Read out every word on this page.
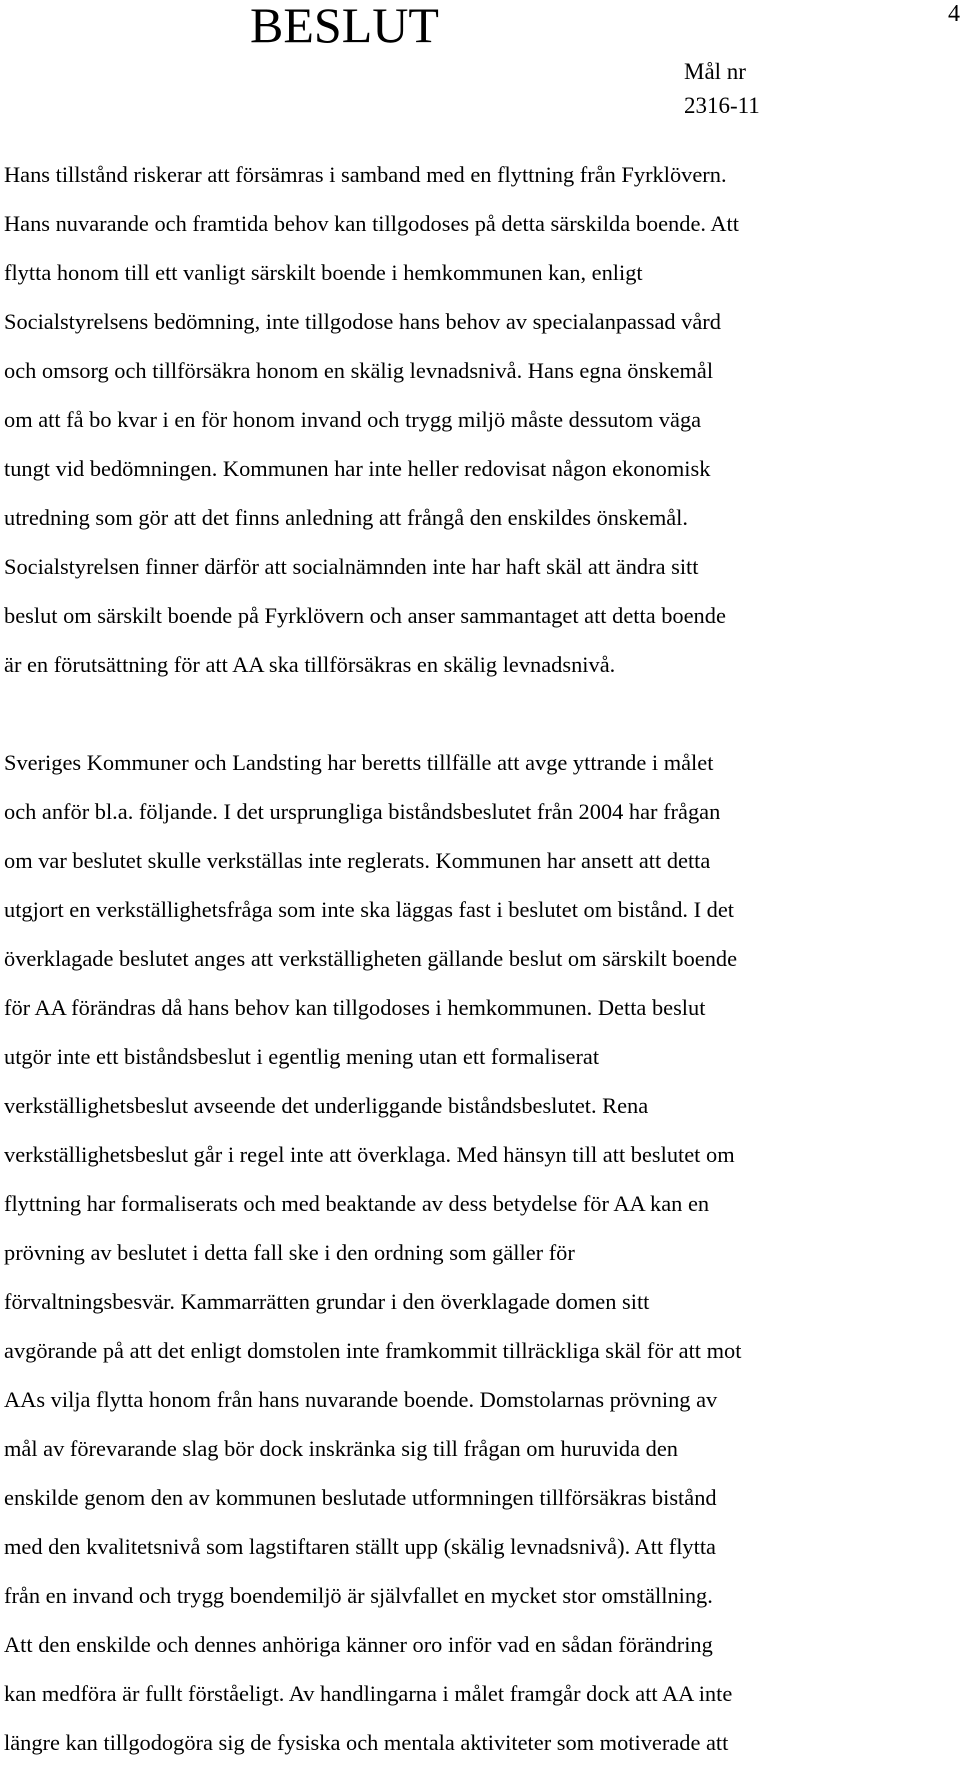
BESLUT	4
Mål nr
2316-11
Hans tillstånd riskerar att försämras i samband med en flyttning från Fyrklövern.
Hans nuvarande och framtida behov kan tillgodoses på detta särskilda boende. Att
flytta honom till ett vanligt särskilt boende i hemkommunen kan, enligt
Socialstyrelsens bedömning, inte tillgodose hans behov av specialanpassad vård
och omsorg och tillförsäkra honom en skälig levnadsnivå. Hans egna önskemål
om att få bo kvar i en för honom invand och trygg miljö måste dessutom väga
tungt vid bedömningen. Kommunen har inte heller redovisat någon ekonomisk
utredning som gör att det finns anledning att frångå den enskildes önskemål.
Socialstyrelsen finner därför att socialnämnden inte har haft skäl att ändra sitt
beslut om särskilt boende på Fyrklövern och anser sammantaget att detta boende
är en förutsättning för att AA ska tillförsäkras en skälig levnadsnivå.
Sveriges Kommuner och Landsting har beretts tillfälle att avge yttrande i målet
och anför bl.a. följande. I det ursprungliga biståndsbeslutet från 2004 har frågan
om var beslutet skulle verkställas inte reglerats. Kommunen har ansett att detta
utgjort en verkställighetsfråga som inte ska läggas fast i beslutet om bistånd. I det
överklagade beslutet anges att verkställigheten gällande beslut om särskilt boende
för AA förändras då hans behov kan tillgodoses i hemkommunen. Detta beslut
utgör inte ett biståndsbeslut i egentlig mening utan ett formaliserat
verkställighetsbeslut avseende det underliggande biståndsbeslutet. Rena
verkställighetsbeslut går i regel inte att överklaga. Med hänsyn till att beslutet om
flyttning har formaliserats och med beaktande av dess betydelse för AA kan en
prövning av beslutet i detta fall ske i den ordning som gäller för
förvaltningsbesvär. Kammarrätten grundar i den överklagade domen sitt
avgörande på att det enligt domstolen inte framkommit tillräckliga skäl för att mot
AAs vilja flytta honom från hans nuvarande boende. Domstolarnas prövning av
mål av förevarande slag bör dock inskränka sig till frågan om huruvida den
enskilde genom den av kommunen beslutade utformningen tillförsäkras bistånd
med den kvalitetsnivå som lagstiftaren ställt upp (skälig levnadsnivå). Att flytta
från en invand och trygg boendemiljö är självfallet en mycket stor omställning.
Att den enskilde och dennes anhöriga känner oro inför vad en sådan förändring
kan medföra är fullt förståeligt. Av handlingarna i målet framgår dock att AA inte
längre kan tillgodogöra sig de fysiska och mentala aktiviteter som motiverade att
